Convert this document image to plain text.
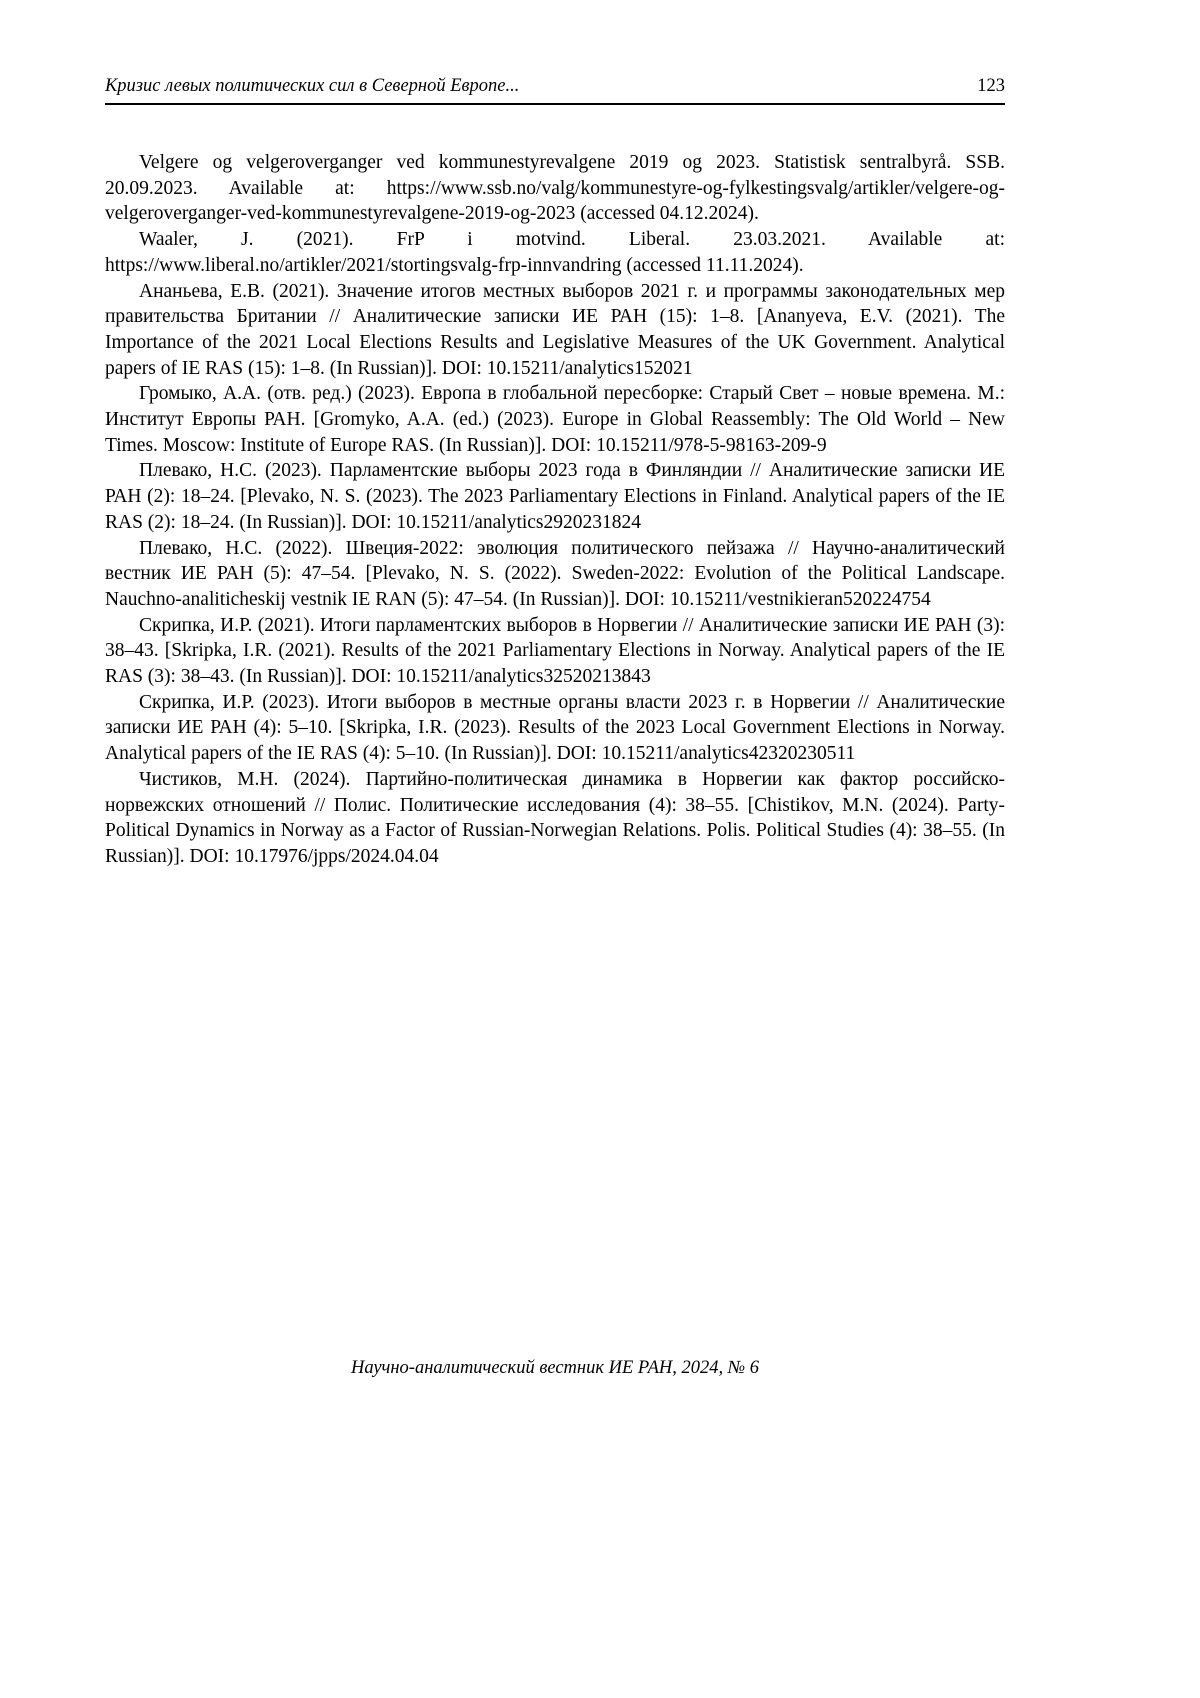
Кризис левых политических сил в Северной Европе...	123

Velgere og velgeroverganger ved kommunestyrevalgene 2019 og 2023. Statistisk sentralbyrå. SSB. 20.09.2023. Available at: https://www.ssb.no/valg/kommunestyre-og-fylkestingsvalg/artikler/velgere-og-velgeroverganger-ved-kommunestyrevalgene-2019-og-2023 (accessed 04.12.2024).

Waaler, J. (2021). FrP i motvind. Liberal. 23.03.2021. Available at: https://www.liberal.no/artikler/2021/stortingsvalg-frp-innvandring (accessed 11.11.2024).

Ананьева, Е.В. (2021). Значение итогов местных выборов 2021 г. и программы законодательных мер правительства Британии // Аналитические записки ИЕ РАН (15): 1–8. [Ananyeva, E.V. (2021). The Importance of the 2021 Local Elections Results and Legislative Measures of the UK Government. Analytical papers of IE RAS (15): 1–8. (In Russian)]. DOI: 10.15211/analytics152021

Громыко, А.А. (отв. ред.) (2023). Европа в глобальной пересборке: Старый Свет – новые времена. М.: Институт Европы РАН. [Gromyko, A.A. (ed.) (2023). Europe in Global Reassembly: The Old World – New Times. Moscow: Institute of Europe RAS. (In Russian)]. DOI: 10.15211/978-5-98163-209-9

Плевако, Н.С. (2023). Парламентские выборы 2023 года в Финляндии // Аналитические записки ИЕ РАН (2): 18–24. [Plevako, N. S. (2023). The 2023 Parliamentary Elections in Finland. Analytical papers of the IE RAS (2): 18–24. (In Russian)]. DOI: 10.15211/analytics2920231824

Плевако, Н.С. (2022). Швеция-2022: эволюция политического пейзажа // Научно-аналитический вестник ИЕ РАН (5): 47–54. [Plevako, N. S. (2022). Sweden-2022: Evolution of the Political Landscape. Nauchno-analiticheskij vestnik IE RAN (5): 47–54. (In Russian)]. DOI: 10.15211/vestnikieran520224754

Скрипка, И.Р. (2021). Итоги парламентских выборов в Норвегии // Аналитические записки ИЕ РАН (3): 38–43. [Skripka, I.R. (2021). Results of the 2021 Parliamentary Elections in Norway. Analytical papers of the IE RAS (3): 38–43. (In Russian)]. DOI: 10.15211/analytics32520213843

Скрипка, И.Р. (2023). Итоги выборов в местные органы власти 2023 г. в Норвегии // Аналитические записки ИЕ РАН (4): 5–10. [Skripka, I.R. (2023). Results of the 2023 Local Government Elections in Norway. Analytical papers of the IE RAS (4): 5–10. (In Russian)]. DOI: 10.15211/analytics42320230511

Чистиков, М.Н. (2024). Партийно-политическая динамика в Норвегии как фактор российско-норвежских отношений // Полис. Политические исследования (4): 38–55. [Chistikov, M.N. (2024). Party-Political Dynamics in Norway as a Factor of Russian-Norwegian Relations. Polis. Political Studies (4): 38–55. (In Russian)]. DOI: 10.17976/jpps/2024.04.04

Научно-аналитический вестник ИЕ РАН, 2024, № 6
